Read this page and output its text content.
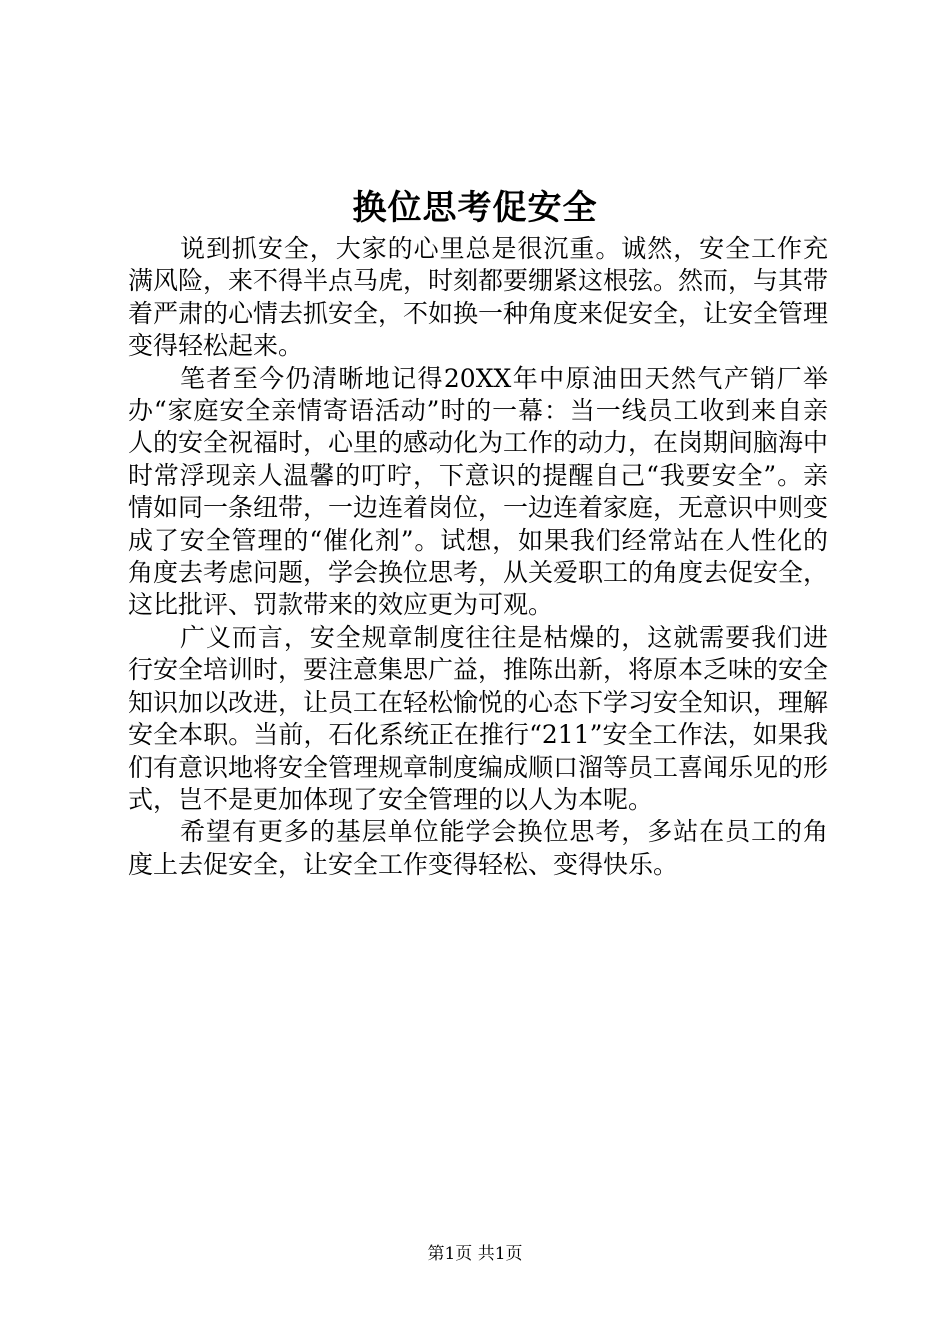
换位思考促安全

说到抓安全，大家的心里总是很沉重。诚然，安全工作充满风险，来不得半点马虎，时刻都要绷紧这根弦。然而，与其带着严肃的心情去抓安全，不如换一种角度来促安全，让安全管理变得轻松起来。

笔者至今仍清晰地记得20XX年中原油田天然气产销厂举办“家庭安全亲情寄语活动”时的一幕：当一线员工收到来自亲人的安全祝福时，心里的感动化为工作的动力，在岗期间脑海中时常浮现亲人温馨的叮咛，下意识的提醒自己“我要安全”。亲情如同一条纽带，一边连着岗位，一边连着家庭，无意识中则变成了安全管理的“催化剂”。试想，如果我们经常站在人性化的角度去考虑问题，学会换位思考，从关爱职工的角度去促安全，这比批评、罚款带来的效应更为可观。

广义而言，安全规章制度往往是枯燥的，这就需要我们进行安全培训时，要注意集思广益，推陈出新，将原本乏味的安全知识加以改进，让员工在轻松愉悦的心态下学习安全知识，理解安全本职。当前，石化系统正在推行“211”安全工作法，如果我们有意识地将安全管理规章制度编成顺口溜等员工喜闻乐见的形式，岂不是更加体现了安全管理的以人为本呢。

希望有更多的基层单位能学会换位思考，多站在员工的角度上去促安全，让安全工作变得轻松、变得快乐。

第1页 共1页
